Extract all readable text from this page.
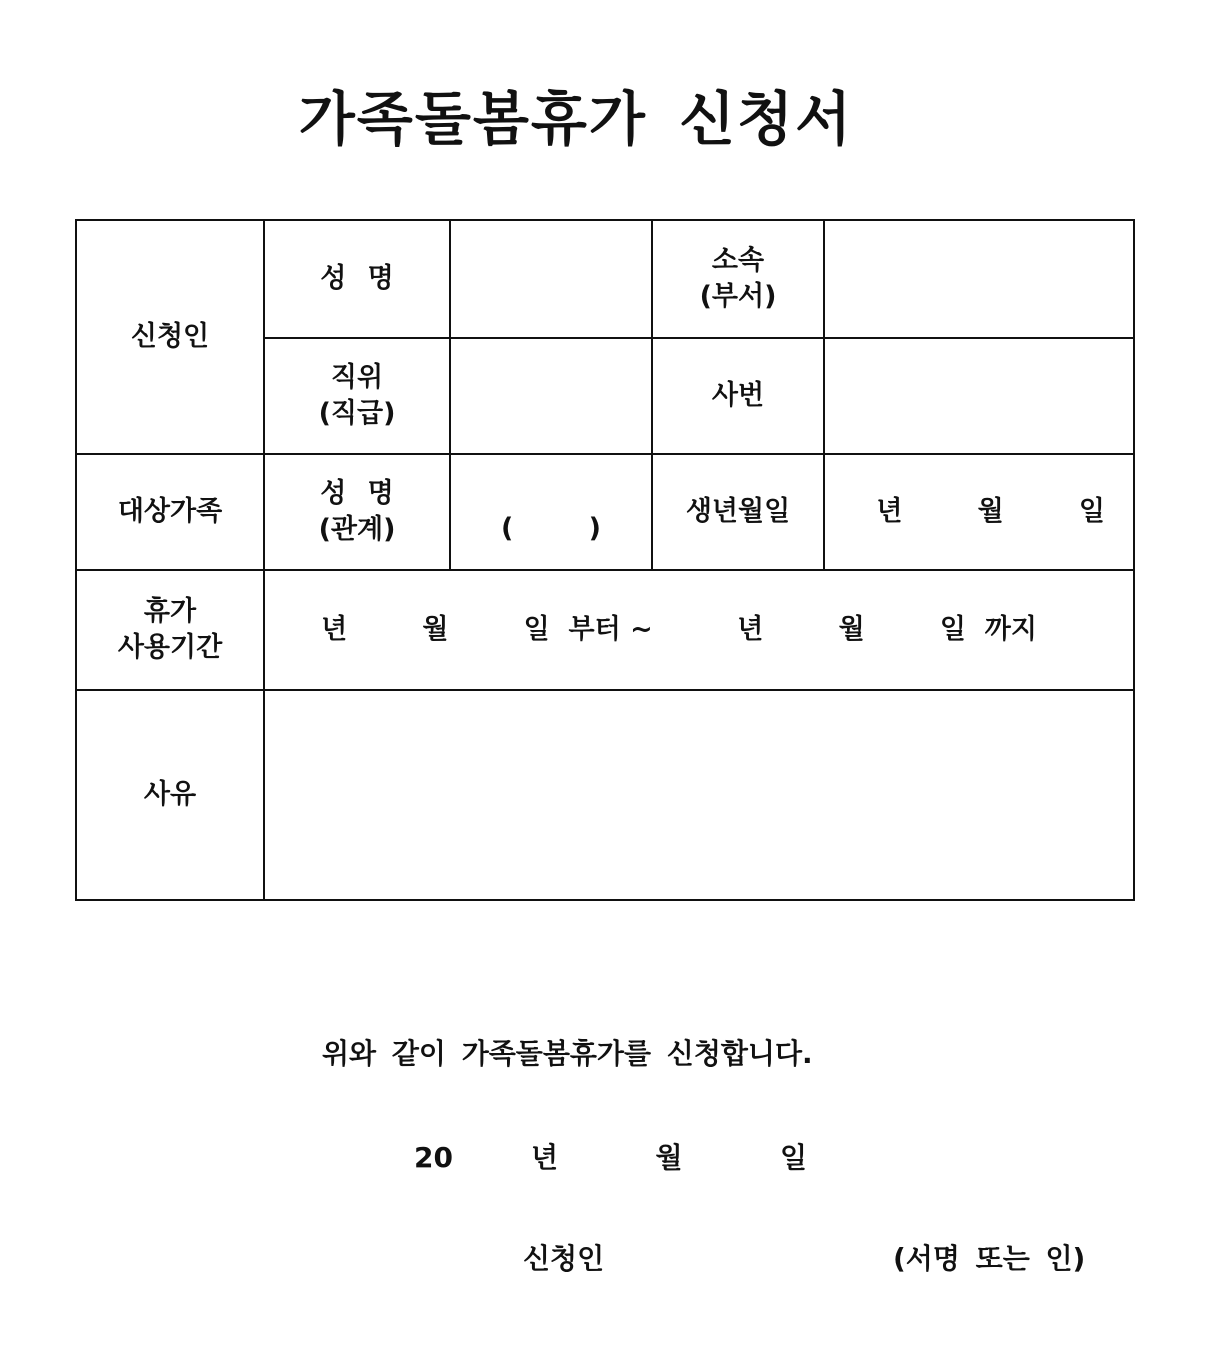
가족돌봄휴가 신청서
신청인	성 명		소속
(부서)	

	직위
(직급)		사번	
대상가족	성 명
(관계)	(        )	생년월일	년        월        일

휴가
사용기간	년        월        일  부터 ~         년        월        일  까지			
사유				
위와 같이 가족돌봄휴가를 신청합니다.
20        년          월          일
신청인	(서명 또는 인)
